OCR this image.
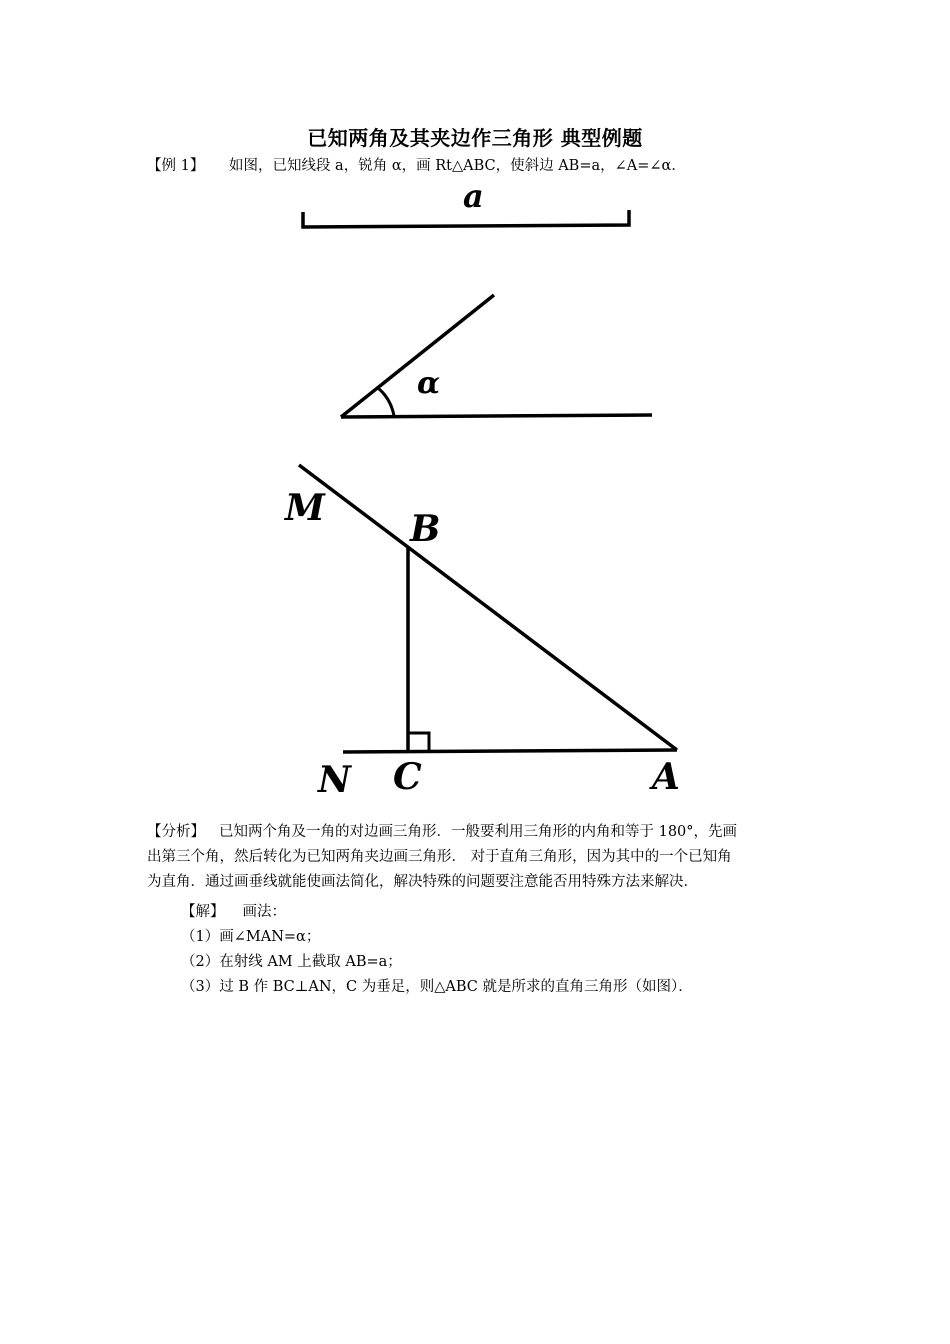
已知两角及其夹边作三角形 典型例题
【例 1】 如图，已知线段 a，锐角 α，画 Rt△ABC，使斜边 AB=a，∠A=∠α．
a
α
M B
N C	A
【分析】 已知两个角及一角的对边画三角形．一般要利用三角形的内角和等于 180°，先画
出第三个角，然后转化为已知两角夹边画三角形． 对于直角三角形，因为其中的一个已知角
为直角．通过画垂线就能使画法简化，解决特殊的问题要注意能否用特殊方法来解决．
【解】 画法：
（1）画∠MAN=α；
（2）在射线 AM 上截取 AB=a；
（3）过 B 作 BC⊥AN，C 为垂足，则△ABC 就是所求的直角三角形（如图）．
